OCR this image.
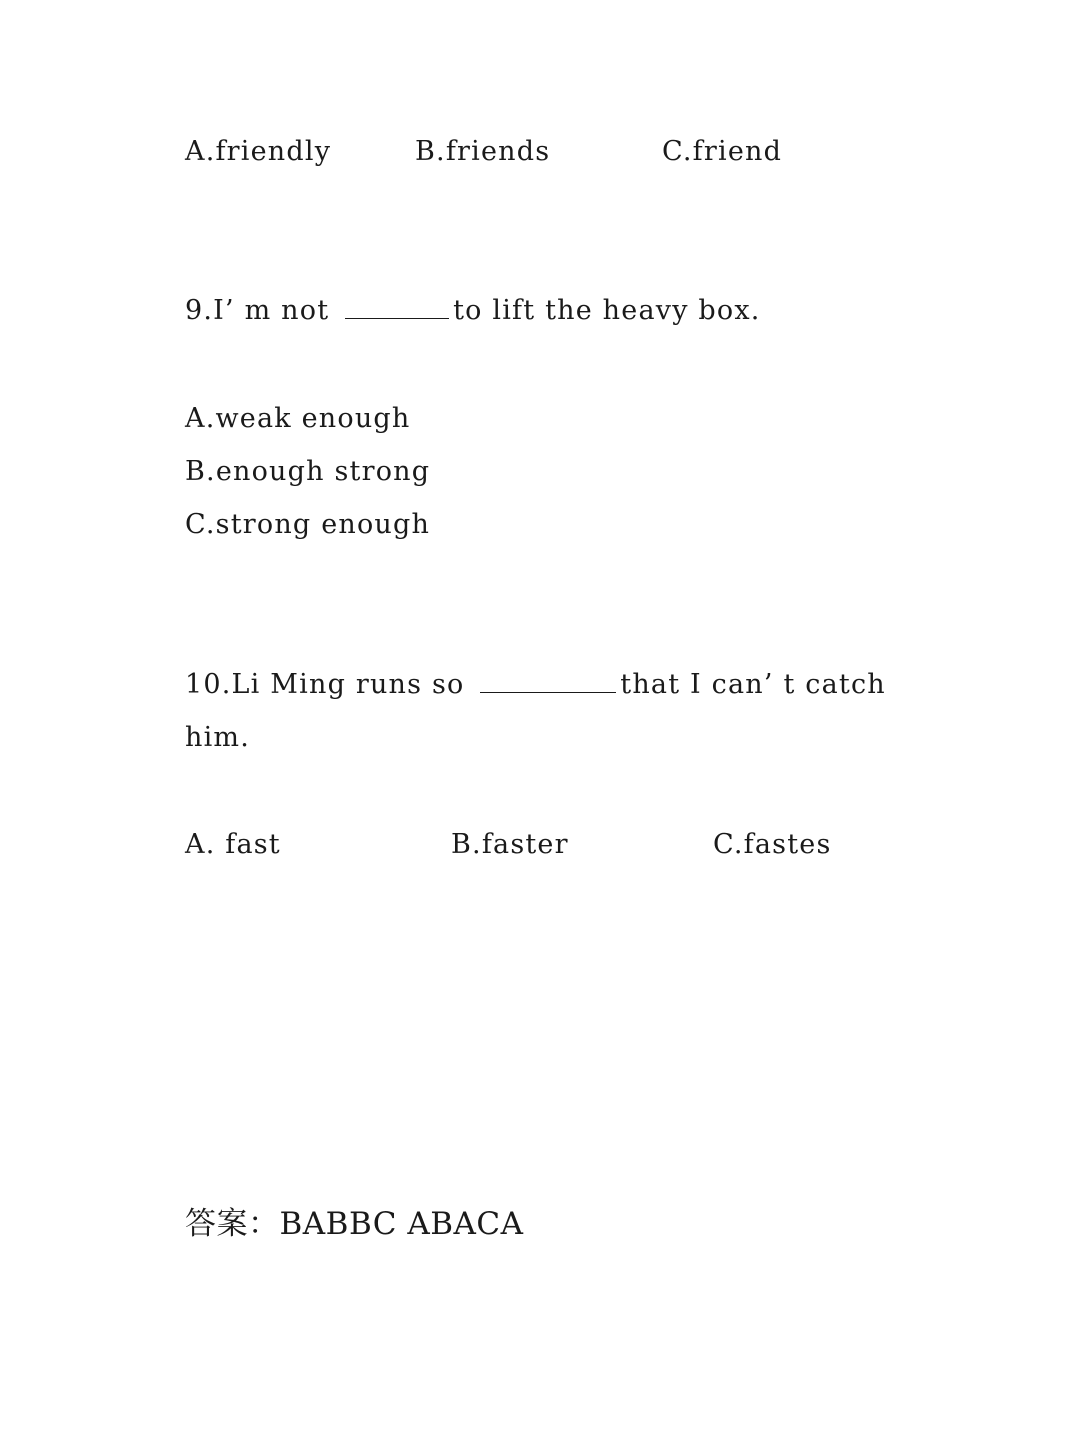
A.friendly	B.friends	C.friend
9.I’ m not	to lift the heavy box.
A.weak enough
B.enough strong
C.strong enough
10.Li Ming runs so	that I can’ t catch
him.
A. fast	B.faster	C.fastes
答案：BABBC ABACA
